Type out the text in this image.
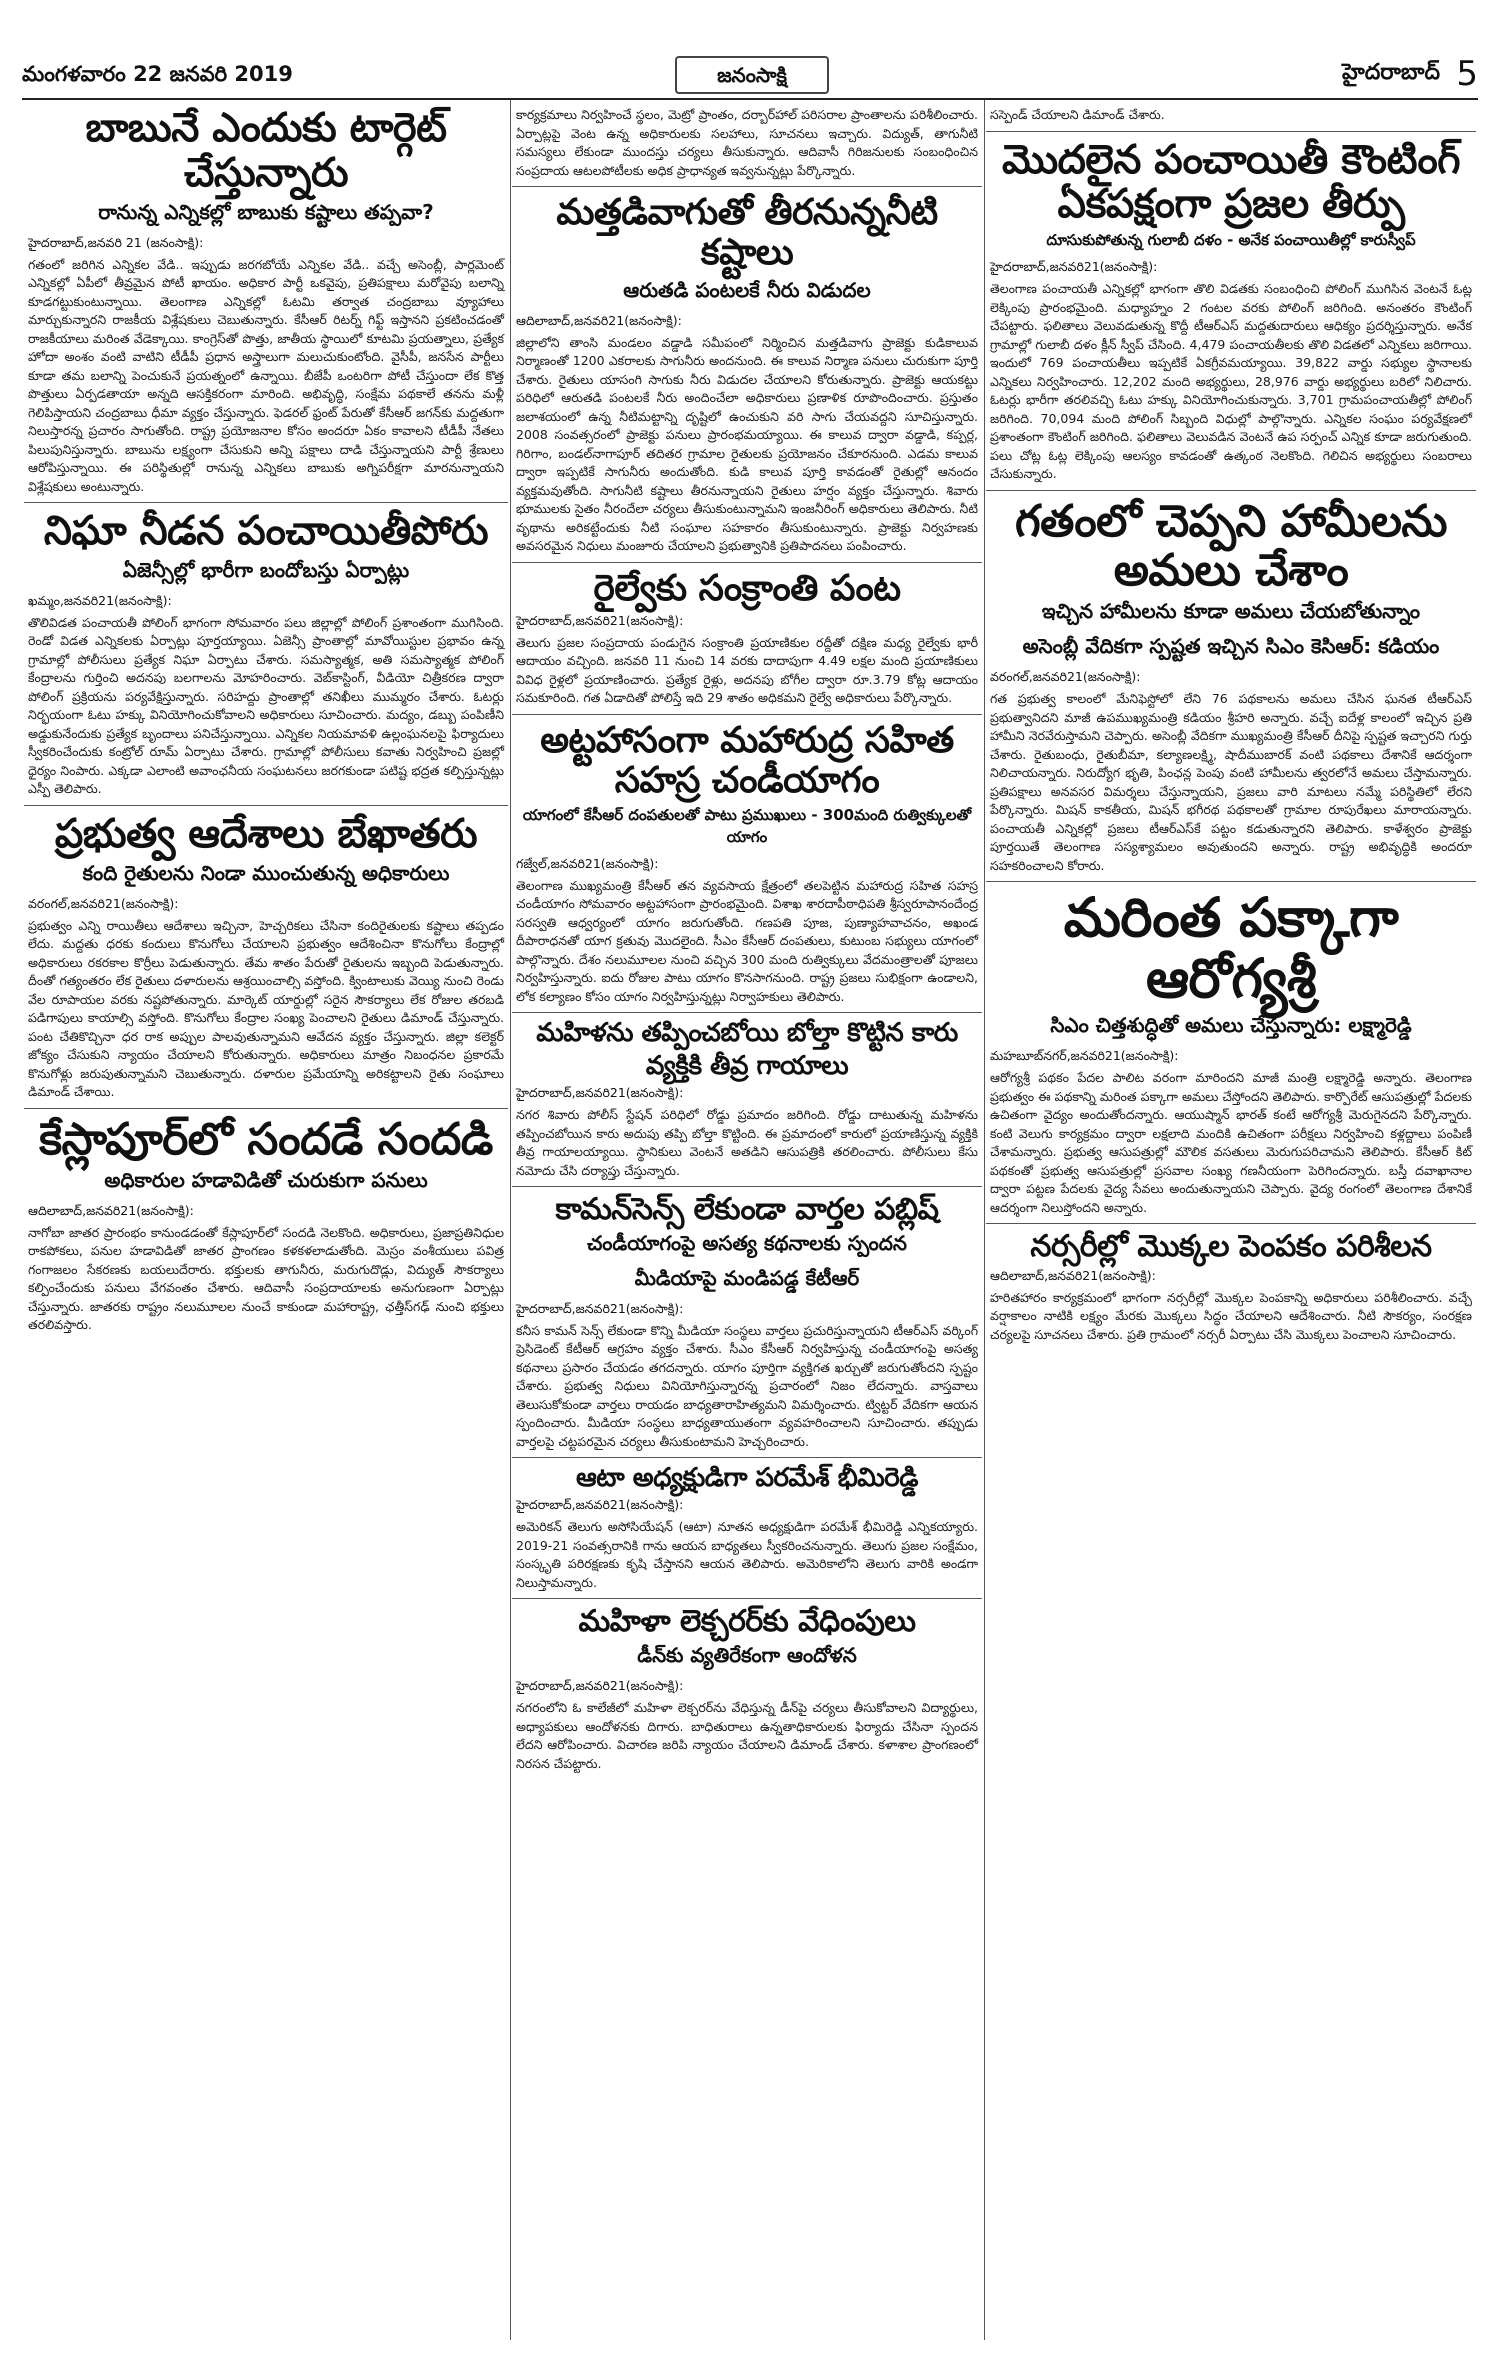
మంగళవారం 22 జనవరి 2019	జనంసాక్షి	హైదరాబాద్ 5
బాబునే ఎందుకు టార్గెట్ చేస్తున్నారు
రానున్న ఎన్నికల్లో బాబుకు కష్టాలు తప్పవా?
హైదరాబాద్,జనవరి 21 (జనంసాక్షి):
గతంలో జరిగిన ఎన్నికల వేడి.. ఇప్పుడు జరగబోయే ఎన్నికల వేడి.. వచ్చే అసెంబ్లీ, పార్లమెంట్ ఎన్నికల్లో ఏపీలో తీవ్రమైన పోటీ ఖాయం. అధికార పార్టీ ఒకవైపు, ప్రతిపక్షాలు మరోవైపు బలాన్ని కూడగట్టుకుంటున్నాయి. తెలంగాణ ఎన్నికల్లో ఓటమి తర్వాత చంద్రబాబు వ్యూహాలు మార్చుకున్నారని రాజకీయ విశ్లేషకులు చెబుతున్నారు. కేసీఆర్ రిటర్న్ గిఫ్ట్ ఇస్తానని ప్రకటించడంతో రాజకీయాలు మరింత వేడెక్కాయి. కాంగ్రెస్‌తో పొత్తు, జాతీయ స్థాయిలో కూటమి ప్రయత్నాలు, ప్రత్యేక హోదా అంశం వంటి వాటిని టీడీపీ ప్రధాన అస్త్రాలుగా మలుచుకుంటోంది. వైసీపీ, జనసేన పార్టీలు కూడా తమ బలాన్ని పెంచుకునే ప్రయత్నంలో ఉన్నాయి. బీజేపీ ఒంటరిగా పోటీ చేస్తుందా లేక కొత్త పొత్తులు ఏర్పడతాయా అన్నది ఆసక్తికరంగా మారింది. అభివృద్ధి, సంక్షేమ పథకాలే తనను మళ్లీ గెలిపిస్తాయని చంద్రబాబు ధీమా వ్యక్తం చేస్తున్నారు. ఫెడరల్ ఫ్రంట్ పేరుతో కేసీఆర్ జగన్‌కు మద్దతుగా నిలుస్తారన్న ప్రచారం సాగుతోంది. రాష్ట్ర ప్రయోజనాల కోసం అందరూ ఏకం కావాలని టీడీపీ నేతలు పిలుపునిస్తున్నారు. బాబును లక్ష్యంగా చేసుకుని అన్ని పక్షాలు దాడి చేస్తున్నాయని పార్టీ శ్రేణులు ఆరోపిస్తున్నాయి. ఈ పరిస్థితుల్లో రానున్న ఎన్నికలు బాబుకు అగ్నిపరీక్షగా మారనున్నాయని విశ్లేషకులు అంటున్నారు.
నిఘా నీడన పంచాయితీపోరు
ఏజెన్సీల్లో భారీగా బందోబస్తు ఏర్పాట్లు
ఖమ్మం,జనవరి21(జనంసాక్షి):
తొలివిడత పంచాయతీ పోలింగ్ భాగంగా సోమవారం పలు జిల్లాల్లో పోలింగ్ ప్రశాంతంగా ముగిసింది. రెండో విడత ఎన్నికలకు ఏర్పాట్లు పూర్తయ్యాయి. ఏజెన్సీ ప్రాంతాల్లో మావోయిస్టుల ప్రభావం ఉన్న గ్రామాల్లో పోలీసులు ప్రత్యేక నిఘా ఏర్పాటు చేశారు. సమస్యాత్మక, అతి సమస్యాత్మక పోలింగ్ కేంద్రాలను గుర్తించి అదనపు బలగాలను మోహరించారు. వెబ్‌కాస్టింగ్, వీడియో చిత్రీకరణ ద్వారా పోలింగ్ ప్రక్రియను పర్యవేక్షిస్తున్నారు. సరిహద్దు ప్రాంతాల్లో తనిఖీలు ముమ్మరం చేశారు. ఓటర్లు నిర్భయంగా ఓటు హక్కు వినియోగించుకోవాలని అధికారులు సూచించారు. మద్యం, డబ్బు పంపిణీని అడ్డుకునేందుకు ప్రత్యేక బృందాలు పనిచేస్తున్నాయి. ఎన్నికల నియమావళి ఉల్లంఘనలపై ఫిర్యాదులు స్వీకరించేందుకు కంట్రోల్ రూమ్ ఏర్పాటు చేశారు. గ్రామాల్లో పోలీసులు కవాతు నిర్వహించి ప్రజల్లో ధైర్యం నింపారు. ఎక్కడా ఎలాంటి అవాంఛనీయ సంఘటనలు జరగకుండా పటిష్ట భద్రత కల్పిస్తున్నట్లు ఎస్పీ తెలిపారు.
ప్రభుత్వ ఆదేశాలు బేఖాతరు
కంది రైతులను నిండా ముంచుతున్న అధికారులు
వరంగల్,జనవరి21(జనంసాక్షి):
ప్రభుత్వం ఎన్ని రాయితీలు ఆదేశాలు ఇచ్చినా, హెచ్చరికలు చేసినా కందిరైతులకు కష్టాలు తప్పడం లేదు. మద్దతు ధరకు కందులు కొనుగోలు చేయాలని ప్రభుత్వం ఆదేశించినా కొనుగోలు కేంద్రాల్లో అధికారులు రకరకాల కొర్రీలు పెడుతున్నారు. తేమ శాతం పేరుతో రైతులను ఇబ్బంది పెడుతున్నారు. దీంతో గత్యంతరం లేక రైతులు దళారులను ఆశ్రయించాల్సి వస్తోంది. క్వింటాలుకు వెయ్యి నుంచి రెండు వేల రూపాయల వరకు నష్టపోతున్నారు. మార్కెట్ యార్డుల్లో సరైన సౌకర్యాలు లేక రోజుల తరబడి పడిగాపులు కాయాల్సి వస్తోంది. కొనుగోలు కేంద్రాల సంఖ్య పెంచాలని రైతులు డిమాండ్ చేస్తున్నారు. పంట చేతికొచ్చినా ధర రాక అప్పుల పాలవుతున్నామని ఆవేదన వ్యక్తం చేస్తున్నారు. జిల్లా కలెక్టర్ జోక్యం చేసుకుని న్యాయం చేయాలని కోరుతున్నారు. అధికారులు మాత్రం నిబంధనల ప్రకారమే కొనుగోళ్లు జరుపుతున్నామని చెబుతున్నారు. దళారుల ప్రమేయాన్ని అరికట్టాలని రైతు సంఘాలు డిమాండ్ చేశాయి.
కేస్లాపూర్‌లో సందడే సందడి
అధికారుల హడావిడితో చురుకుగా పనులు
ఆదిలాబాద్,జనవరి21(జనంసాక్షి):
నాగోబా జాతర ప్రారంభం కానుండడంతో కేస్లాపూర్‌లో సందడి నెలకొంది. అధికారులు, ప్రజాప్రతినిధుల రాకపోకలు, పనుల హడావిడితో జాతర ప్రాంగణం కళకళలాడుతోంది. మెస్రం వంశీయులు పవిత్ర గంగాజలం సేకరణకు బయలుదేరారు. భక్తులకు తాగునీరు, మరుగుదొడ్లు, విద్యుత్ సౌకర్యాలు కల్పించేందుకు పనులు వేగవంతం చేశారు. ఆదివాసీ సంప్రదాయాలకు అనుగుణంగా ఏర్పాట్లు చేస్తున్నారు. జాతరకు రాష్ట్రం నలుమూలల నుంచే కాకుండా మహారాష్ట్ర, ఛత్తీస్‌గఢ్ నుంచి భక్తులు తరలివస్తారు.
కార్యక్రమాలు నిర్వహించే స్థలం, మెట్రో ప్రాంతం, దర్బార్‌హాల్ పరిసరాల ప్రాంతాలను పరిశీలించారు. ఏర్పాట్లపై వెంట ఉన్న అధికారులకు సలహాలు, సూచనలు ఇచ్చారు. విద్యుత్, తాగునీటి సమస్యలు లేకుండా ముందస్తు చర్యలు తీసుకున్నారు. ఆదివాసీ గిరిజనులకు సంబంధించిన సంప్రదాయ ఆటలపోటీలకు అధిక ప్రాధాన్యత ఇవ్వనున్నట్లు పేర్కొన్నారు.
మత్తడివాగుతో తీరనున్ననీటి కష్టాలు
ఆరుతడి పంటలకే నీరు విడుదల
ఆదిలాబాద్,జనవరి21(జనంసాక్షి):
జిల్లాలోని తాంసి మండలం వడ్డాడి సమీపంలో నిర్మించిన మత్తడివాగు ప్రాజెక్టు కుడికాలువ నిర్మాణంతో 1200 ఎకరాలకు సాగునీరు అందనుంది. ఈ కాలువ నిర్మాణ పనులు చురుకుగా పూర్తి చేశారు. రైతులు యాసంగి సాగుకు నీరు విడుదల చేయాలని కోరుతున్నారు. ప్రాజెక్టు ఆయకట్టు పరిధిలో ఆరుతడి పంటలకే నీరు అందించేలా అధికారులు ప్రణాళిక రూపొందించారు. ప్రస్తుతం జలాశయంలో ఉన్న నీటిమట్టాన్ని దృష్టిలో ఉంచుకుని వరి సాగు చేయవద్దని సూచిస్తున్నారు. 2008 సంవత్సరంలో ప్రాజెక్టు పనులు ప్రారంభమయ్యాయి. ఈ కాలువ ద్వారా వడ్డాడి, కప్పర్ల, గిరిగాం, బండల్‌నాగాపూర్ తదితర గ్రామాల రైతులకు ప్రయోజనం చేకూరనుంది. ఎడమ కాలువ ద్వారా ఇప్పటికే సాగునీరు అందుతోంది. కుడి కాలువ పూర్తి కావడంతో రైతుల్లో ఆనందం వ్యక్తమవుతోంది. సాగునీటి కష్టాలు తీరనున్నాయని రైతులు హర్షం వ్యక్తం చేస్తున్నారు. శివారు భూములకు సైతం నీరందేలా చర్యలు తీసుకుంటున్నామని ఇంజనీరింగ్ అధికారులు తెలిపారు. నీటి వృథాను అరికట్టేందుకు నీటి సంఘాల సహకారం తీసుకుంటున్నారు. ప్రాజెక్టు నిర్వహణకు అవసరమైన నిధులు మంజూరు చేయాలని ప్రభుత్వానికి ప్రతిపాదనలు పంపించారు.
రైల్వేకు సంక్రాంతి పంట
హైదరాబాద్,జనవరి21(జనంసాక్షి):
తెలుగు ప్రజల సంప్రదాయ పండుగైన సంక్రాంతి ప్రయాణికుల రద్దీతో దక్షిణ మధ్య రైల్వేకు భారీ ఆదాయం వచ్చింది. జనవరి 11 నుంచి 14 వరకు దాదాపుగా 4.49 లక్షల మంది ప్రయాణికులు వివిధ రైళ్లలో ప్రయాణించారు. ప్రత్యేక రైళ్లు, అదనపు బోగీల ద్వారా రూ.3.79 కోట్ల ఆదాయం సమకూరింది. గత ఏడాదితో పోలిస్తే ఇది 29 శాతం అధికమని రైల్వే అధికారులు పేర్కొన్నారు.
అట్టహాసంగా మహారుద్ర సహిత సహస్ర చండీయాగం
యాగంలో కేసీఆర్ దంపతులతో పాటు ప్రముఖులు - 300మంది రుత్విక్కులతో యాగం
గజ్వేల్,జనవరి21(జనంసాక్షి):
తెలంగాణ ముఖ్యమంత్రి కేసీఆర్ తన వ్యవసాయ క్షేత్రంలో తలపెట్టిన మహారుద్ర సహిత సహస్ర చండీయాగం సోమవారం అట్టహాసంగా ప్రారంభమైంది. విశాఖ శారదాపీఠాధిపతి శ్రీస్వరూపానందేంద్ర సరస్వతి ఆధ్వర్యంలో యాగం జరుగుతోంది. గణపతి పూజ, పుణ్యాహవాచనం, అఖండ దీపారాధనతో యాగ క్రతువు మొదలైంది. సీఎం కేసీఆర్ దంపతులు, కుటుంబ సభ్యులు యాగంలో పాల్గొన్నారు. దేశం నలుమూలల నుంచి వచ్చిన 300 మంది రుత్విక్కులు వేదమంత్రాలతో పూజలు నిర్వహిస్తున్నారు. ఐదు రోజుల పాటు యాగం కొనసాగనుంది. రాష్ట్ర ప్రజలు సుభిక్షంగా ఉండాలని, లోక కల్యాణం కోసం యాగం నిర్వహిస్తున్నట్లు నిర్వాహకులు తెలిపారు.
మహిళను తప్పించబోయి బోల్తా కొట్టిన కారు
వ్యక్తికి తీవ్ర గాయాలు
హైదరాబాద్,జనవరి21(జనంసాక్షి):
నగర శివారు పోలీస్ స్టేషన్ పరిధిలో రోడ్డు ప్రమాదం జరిగింది. రోడ్డు దాటుతున్న మహిళను తప్పించబోయిన కారు అదుపు తప్పి బోల్తా కొట్టింది. ఈ ప్రమాదంలో కారులో ప్రయాణిస్తున్న వ్యక్తికి తీవ్ర గాయాలయ్యాయి. స్థానికులు వెంటనే అతడిని ఆసుపత్రికి తరలించారు. పోలీసులు కేసు నమోదు చేసి దర్యాప్తు చేస్తున్నారు.
కామన్‌సెన్స్ లేకుండా వార్తల పబ్లిష్
చండీయాగంపై అసత్య కథనాలకు స్పందన
మీడియాపై మండిపడ్డ కేటీఆర్
హైదరాబాద్,జనవరి21(జనంసాక్షి):
కనీస కామన్ సెన్స్ లేకుండా కొన్ని మీడియా సంస్థలు వార్తలు ప్రచురిస్తున్నాయని టీఆర్ఎస్ వర్కింగ్ ప్రెసిడెంట్ కేటీఆర్ ఆగ్రహం వ్యక్తం చేశారు. సీఎం కేసీఆర్ నిర్వహిస్తున్న చండీయాగంపై అసత్య కథనాలు ప్రసారం చేయడం తగదన్నారు. యాగం పూర్తిగా వ్యక్తిగత ఖర్చుతో జరుగుతోందని స్పష్టం చేశారు. ప్రభుత్వ నిధులు వినియోగిస్తున్నారన్న ప్రచారంలో నిజం లేదన్నారు. వాస్తవాలు తెలుసుకోకుండా వార్తలు రాయడం బాధ్యతారాహిత్యమని విమర్శించారు. ట్విట్టర్ వేదికగా ఆయన స్పందించారు. మీడియా సంస్థలు బాధ్యతాయుతంగా వ్యవహరించాలని సూచించారు. తప్పుడు వార్తలపై చట్టపరమైన చర్యలు తీసుకుంటామని హెచ్చరించారు.
ఆటా అధ్యక్షుడిగా పరమేశ్ భీమిరెడ్డి
హైదరాబాద్,జనవరి21(జనంసాక్షి):
అమెరికన్ తెలుగు అసోసియేషన్ (ఆటా) నూతన అధ్యక్షుడిగా పరమేశ్ భీమిరెడ్డి ఎన్నికయ్యారు. 2019-21 సంవత్సరానికి గాను ఆయన బాధ్యతలు స్వీకరించనున్నారు. తెలుగు ప్రజల సంక్షేమం, సంస్కృతి పరిరక్షణకు కృషి చేస్తానని ఆయన తెలిపారు. అమెరికాలోని తెలుగు వారికి అండగా నిలుస్తామన్నారు.
మహిళా లెక్చరర్‌కు వేధింపులు
డీన్‌కు వ్యతిరేకంగా ఆందోళన
హైదరాబాద్,జనవరి21(జనంసాక్షి):
నగరంలోని ఓ కాలేజీలో మహిళా లెక్చరర్‌ను వేధిస్తున్న డీన్‌పై చర్యలు తీసుకోవాలని విద్యార్థులు, అధ్యాపకులు ఆందోళనకు దిగారు. బాధితురాలు ఉన్నతాధికారులకు ఫిర్యాదు చేసినా స్పందన లేదని ఆరోపించారు. విచారణ జరిపి న్యాయం చేయాలని డిమాండ్ చేశారు. కళాశాల ప్రాంగణంలో నిరసన చేపట్టారు.
సస్పెండ్ చేయాలని డిమాండ్ చేశారు.
మొదలైన పంచాయితీ కౌంటింగ్ ఏకపక్షంగా ప్రజల తీర్పు
దూసుకుపోతున్న గులాబీ దళం - అనేక పంచాయితీల్లో కారుస్వీప్
హైదరాబాద్,జనవరి21(జనంసాక్షి):
తెలంగాణ పంచాయతీ ఎన్నికల్లో భాగంగా తొలి విడతకు సంబంధించి పోలింగ్ ముగిసిన వెంటనే ఓట్ల లెక్కింపు ప్రారంభమైంది. మధ్యాహ్నం 2 గంటల వరకు పోలింగ్ జరిగింది. అనంతరం కౌంటింగ్ చేపట్టారు. ఫలితాలు వెలువడుతున్న కొద్దీ టీఆర్ఎస్ మద్దతుదారులు ఆధిక్యం ప్రదర్శిస్తున్నారు. అనేక గ్రామాల్లో గులాబీ దళం క్లీన్ స్వీప్ చేసింది. 4,479 పంచాయతీలకు తొలి విడతలో ఎన్నికలు జరిగాయి. ఇందులో 769 పంచాయతీలు ఇప్పటికే ఏకగ్రీవమయ్యాయి. 39,822 వార్డు సభ్యుల స్థానాలకు ఎన్నికలు నిర్వహించారు. 12,202 మంది అభ్యర్థులు, 28,976 వార్డు అభ్యర్థులు బరిలో నిలిచారు. ఓటర్లు భారీగా తరలివచ్చి ఓటు హక్కు వినియోగించుకున్నారు. 3,701 గ్రామపంచాయతీల్లో పోలింగ్ జరిగింది. 70,094 మంది పోలింగ్ సిబ్బంది విధుల్లో పాల్గొన్నారు. ఎన్నికల సంఘం పర్యవేక్షణలో ప్రశాంతంగా కౌంటింగ్ జరిగింది. ఫలితాలు వెలువడిన వెంటనే ఉప సర్పంచ్ ఎన్నిక కూడా జరుగుతుంది. పలు చోట్ల ఓట్ల లెక్కింపు ఆలస్యం కావడంతో ఉత్కంఠ నెలకొంది. గెలిచిన అభ్యర్థులు సంబరాలు చేసుకున్నారు.
గతంలో చెప్పని హామీలను అమలు చేశాం
ఇచ్చిన హామీలను కూడా అమలు చేయబోతున్నాం
అసెంబ్లీ వేదికగా స్పష్టత ఇచ్చిన సిఎం కెసిఆర్: కడియం
వరంగల్,జనవరి21(జనంసాక్షి):
గత ప్రభుత్వ కాలంలో మేనిఫెస్టోలో లేని 76 పథకాలను అమలు చేసిన ఘనత టీఆర్ఎస్ ప్రభుత్వానిదని మాజీ ఉపముఖ్యమంత్రి కడియం శ్రీహరి అన్నారు. వచ్చే ఐదేళ్ల కాలంలో ఇచ్చిన ప్రతి హామీని నెరవేరుస్తామని చెప్పారు. అసెంబ్లీ వేదికగా ముఖ్యమంత్రి కేసీఆర్ దీనిపై స్పష్టత ఇచ్చారని గుర్తు చేశారు. రైతుబంధు, రైతుబీమా, కల్యాణలక్ష్మి, షాదీముబారక్ వంటి పథకాలు దేశానికే ఆదర్శంగా నిలిచాయన్నారు. నిరుద్యోగ భృతి, పింఛన్ల పెంపు వంటి హామీలను త్వరలోనే అమలు చేస్తామన్నారు. ప్రతిపక్షాలు అనవసర విమర్శలు చేస్తున్నాయని, ప్రజలు వారి మాటలు నమ్మే పరిస్థితిలో లేరని పేర్కొన్నారు. మిషన్ కాకతీయ, మిషన్ భగీరథ పథకాలతో గ్రామాల రూపురేఖలు మారాయన్నారు. పంచాయతీ ఎన్నికల్లో ప్రజలు టీఆర్ఎస్‌కే పట్టం కడుతున్నారని తెలిపారు. కాళేశ్వరం ప్రాజెక్టు పూర్తయితే తెలంగాణ సస్యశ్యామలం అవుతుందని అన్నారు. రాష్ట్ర అభివృద్ధికి అందరూ సహకరించాలని కోరారు.
మరింత పక్కాగా ఆరోగ్యశ్రీ
సిఎం చిత్తశుద్ధితో అమలు చేస్తున్నారు: లక్ష్మారెడ్డి
మహబూబ్‌నగర్,జనవరి21(జనంసాక్షి):
ఆరోగ్యశ్రీ పథకం పేదల పాలిట వరంగా మారిందని మాజీ మంత్రి లక్ష్మారెడ్డి అన్నారు. తెలంగాణ ప్రభుత్వం ఈ పథకాన్ని మరింత పక్కాగా అమలు చేస్తోందని తెలిపారు. కార్పొరేట్ ఆసుపత్రుల్లో పేదలకు ఉచితంగా వైద్యం అందుతోందన్నారు. ఆయుష్మాన్ భారత్ కంటే ఆరోగ్యశ్రీ మెరుగైనదని పేర్కొన్నారు. కంటి వెలుగు కార్యక్రమం ద్వారా లక్షలాది మందికి ఉచితంగా పరీక్షలు నిర్వహించి కళ్లద్దాలు పంపిణీ చేశామన్నారు. ప్రభుత్వ ఆసుపత్రుల్లో మౌలిక వసతులు మెరుగుపరిచామని తెలిపారు. కేసీఆర్ కిట్ పథకంతో ప్రభుత్వ ఆసుపత్రుల్లో ప్రసవాల సంఖ్య గణనీయంగా పెరిగిందన్నారు. బస్తీ దవాఖానాల ద్వారా పట్టణ పేదలకు వైద్య సేవలు అందుతున్నాయని చెప్పారు. వైద్య రంగంలో తెలంగాణ దేశానికే ఆదర్శంగా నిలుస్తోందని అన్నారు.
నర్సరీల్లో మొక్కల పెంపకం పరిశీలన
ఆదిలాబాద్,జనవరి21(జనంసాక్షి):
హరితహారం కార్యక్రమంలో భాగంగా నర్సరీల్లో మొక్కల పెంపకాన్ని అధికారులు పరిశీలించారు. వచ్చే వర్షాకాలం నాటికి లక్ష్యం మేరకు మొక్కలు సిద్ధం చేయాలని ఆదేశించారు. నీటి సౌకర్యం, సంరక్షణ చర్యలపై సూచనలు చేశారు. ప్రతి గ్రామంలో నర్సరీ ఏర్పాటు చేసి మొక్కలు పెంచాలని సూచించారు.
